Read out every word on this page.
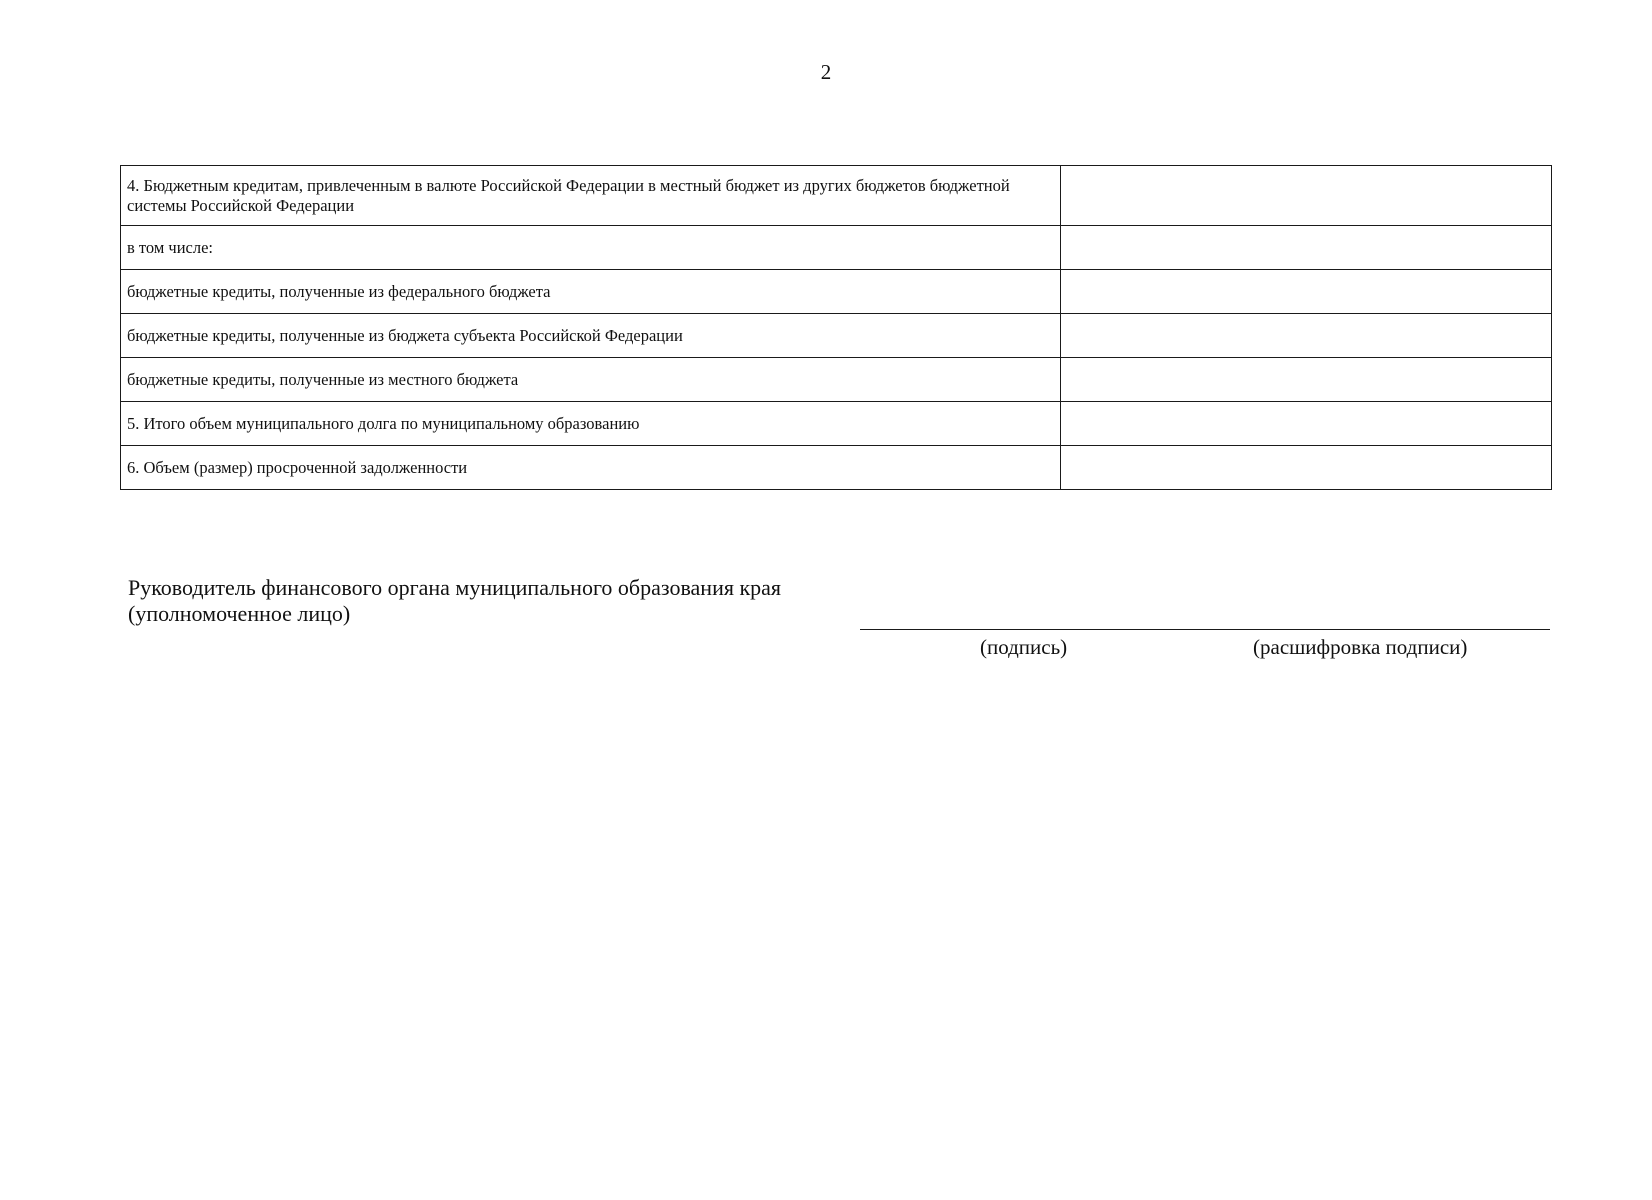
2
4. Бюджетным кредитам, привлеченным в валюте Российской Федерации в местный бюджет из других бюджетов бюджетной системы Российской Федерации	
в том числе:	
бюджетные кредиты, полученные из федерального бюджета	
бюджетные кредиты, полученные из бюджета субъекта Российской Федерации	
бюджетные кредиты, полученные из местного бюджета	
5. Итого объем муниципального долга по муниципальному образованию	
6. Объем (размер) просроченной задолженности	
Руководитель финансового органа муниципального образования края
(уполномоченное лицо)
(подпись)	(расшифровка подписи)
